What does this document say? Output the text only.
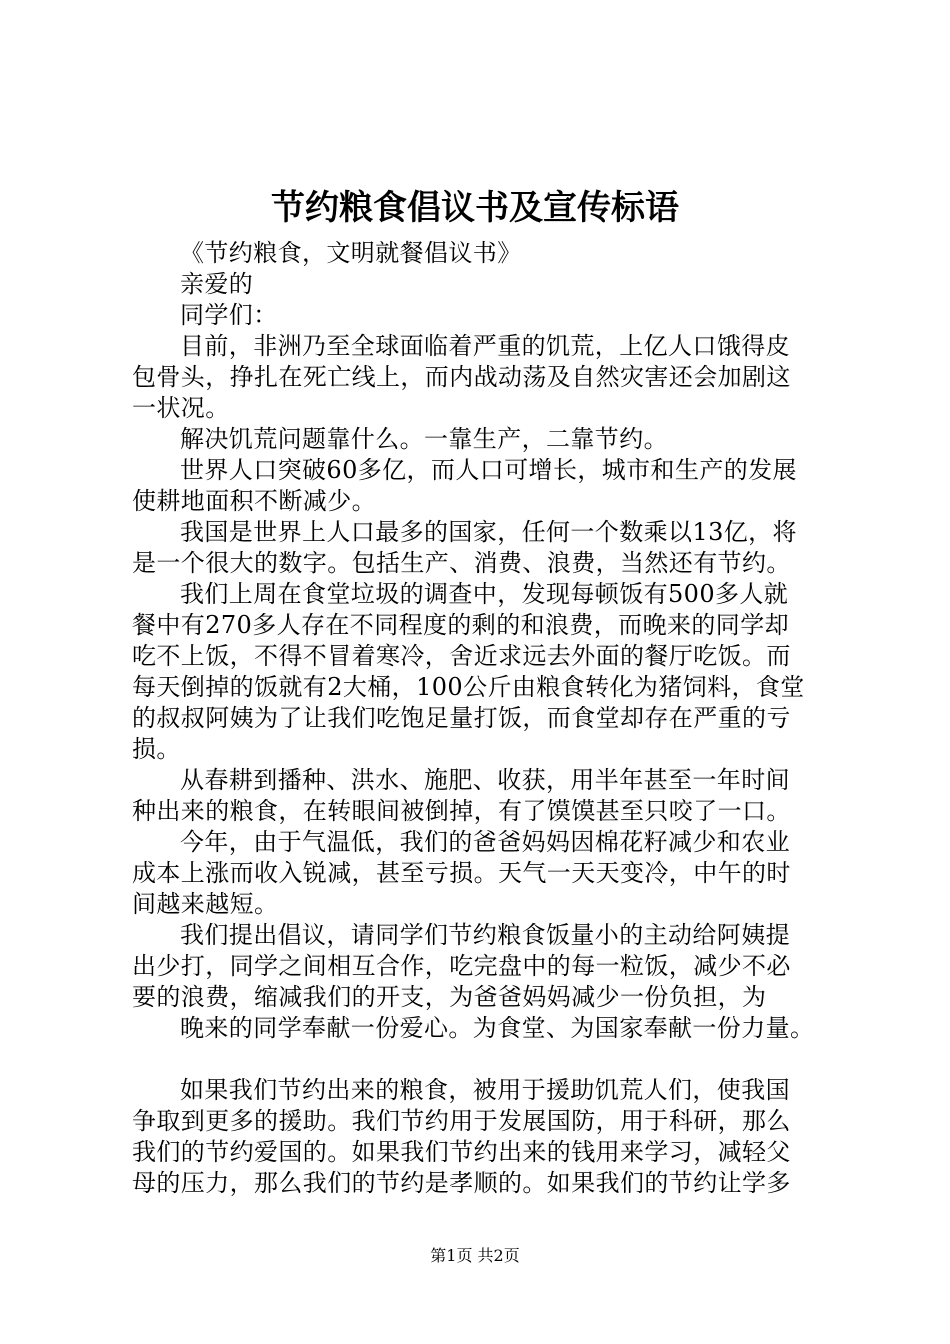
节约粮食倡议书及宣传标语
《节约粮食，文明就餐倡议书》
亲爱的
同学们：
目前，非洲乃至全球面临着严重的饥荒，上亿人口饿得皮
包骨头，挣扎在死亡线上，而内战动荡及自然灾害还会加剧这
一状况。
解决饥荒问题靠什么。一靠生产，二靠节约。
世界人口突破60多亿，而人口可增长，城市和生产的发展
使耕地面积不断减少。
我国是世界上人口最多的国家，任何一个数乘以13亿，将
是一个很大的数字。包括生产、消费、浪费，当然还有节约。
我们上周在食堂垃圾的调查中，发现每顿饭有500多人就
餐中有270多人存在不同程度的剩的和浪费，而晚来的同学却
吃不上饭，不得不冒着寒冷，舍近求远去外面的餐厅吃饭。而
每天倒掉的饭就有2大桶，100公斤由粮食转化为猪饲料，食堂
的叔叔阿姨为了让我们吃饱足量打饭，而食堂却存在严重的亏
损。
从春耕到播种、洪水、施肥、收获，用半年甚至一年时间
种出来的粮食，在转眼间被倒掉，有了馍馍甚至只咬了一口。
今年，由于气温低，我们的爸爸妈妈因棉花籽减少和农业
成本上涨而收入锐减，甚至亏损。天气一天天变冷，中午的时
间越来越短。
我们提出倡议，请同学们节约粮食饭量小的主动给阿姨提
出少打，同学之间相互合作，吃完盘中的每一粒饭，减少不必
要的浪费，缩减我们的开支，为爸爸妈妈减少一份负担，为
晚来的同学奉献一份爱心。为食堂、为国家奉献一份力量。
如果我们节约出来的粮食，被用于援助饥荒人们，使我国
争取到更多的援助。我们节约用于发展国防，用于科研，那么
我们的节约爱国的。如果我们节约出来的钱用来学习，减轻父
母的压力，那么我们的节约是孝顺的。如果我们的节约让学多
第1页 共2页
